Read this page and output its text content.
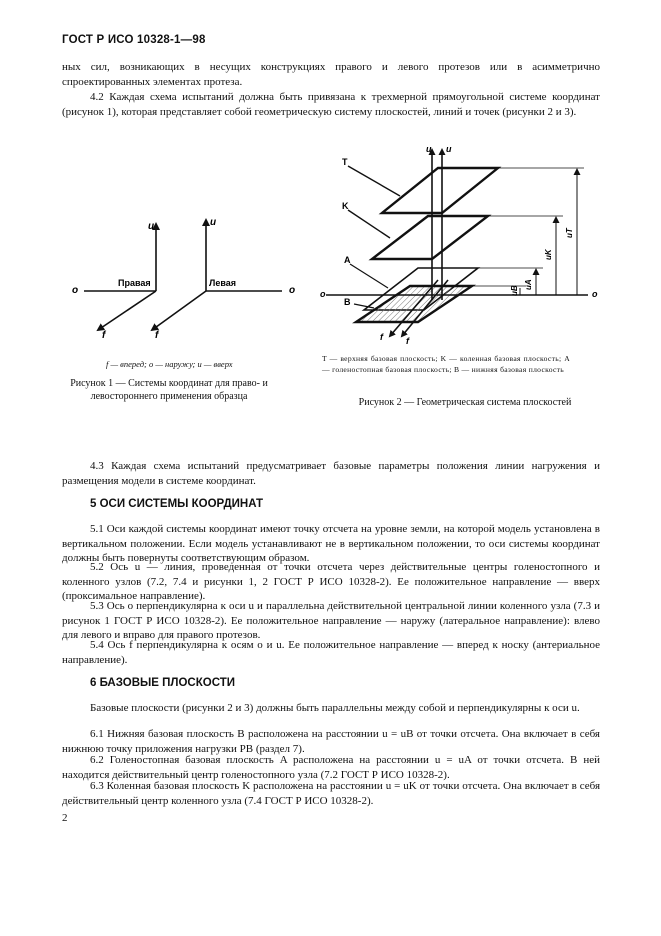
ГОСТ Р ИСО 10328-1—98

ных сил, возникающих в несущих конструкциях правого и левого протезов или в асимметрично спроектированных элементах протеза.

4.2 Каждая схема испытаний должна быть привязана к трехмерной прямоугольной системе координат (рисунок 1), которая представляет собой геометрическую систему плоскостей, линий и точек (рисунки 2 и 3).

u	u
o	o
Правая	Левая
f	f
f — вперед; o — наружу; u — вверх
Рисунок 1 — Системы координат для право- и левостороннего применения образца
T
K
A
B
u u
o	o
f	f
uT
uK
uA
uB
T — верхняя базовая плоскость; K — коленная базовая плоскость; A — голеностопная базовая плоскость; B — нижняя базовая плоскость
Рисунок 2 — Геометрическая система плоскостей

4.3 Каждая схема испытаний предусматривает базовые параметры положения линии нагружения и размещения модели в системе координат.

5 ОСИ СИСТЕМЫ КООРДИНАТ

5.1 Оси каждой системы координат имеют точку отсчета на уровне земли, на которой модель установлена в вертикальном положении. Если модель устанавливают не в вертикальном положении, то оси системы координат должны быть повернуты соответствующим образом.

5.2 Ось u — линия, проведенная от точки отсчета через действительные центры голеностопного и коленного узлов (7.2, 7.4 и рисунки 1, 2 ГОСТ Р ИСО 10328-2). Ее положительное направление — вверх (проксимальное направление).

5.3 Ось o перпендикулярна к оси u и параллельна действительной центральной линии коленного узла (7.3 и рисунок 1 ГОСТ Р ИСО 10328-2). Ее положительное направление — наружу (латеральное направление): влево для левого и вправо для правого протезов.

5.4 Ось f перпендикулярна к осям o и u. Ее положительное направление — вперед к носку (антериальное направление).

6 БАЗОВЫЕ ПЛОСКОСТИ

Базовые плоскости (рисунки 2 и 3) должны быть параллельны между собой и перпендикулярны к оси u.

6.1 Нижняя базовая плоскость B расположена на расстоянии u = uB от точки отсчета. Она включает в себя нижнюю точку приложения нагрузки PB (раздел 7).

6.2 Голеностопная базовая плоскость A расположена на расстоянии u = uA от точки отсчета. В ней находится действительный центр голеностопного узла (7.2 ГОСТ Р ИСО 10328-2).

6.3 Коленная базовая плоскость K расположена на расстоянии u = uK от точки отсчета. Она включает в себя действительный центр коленного узла (7.4 ГОСТ Р ИСО 10328-2).

2
